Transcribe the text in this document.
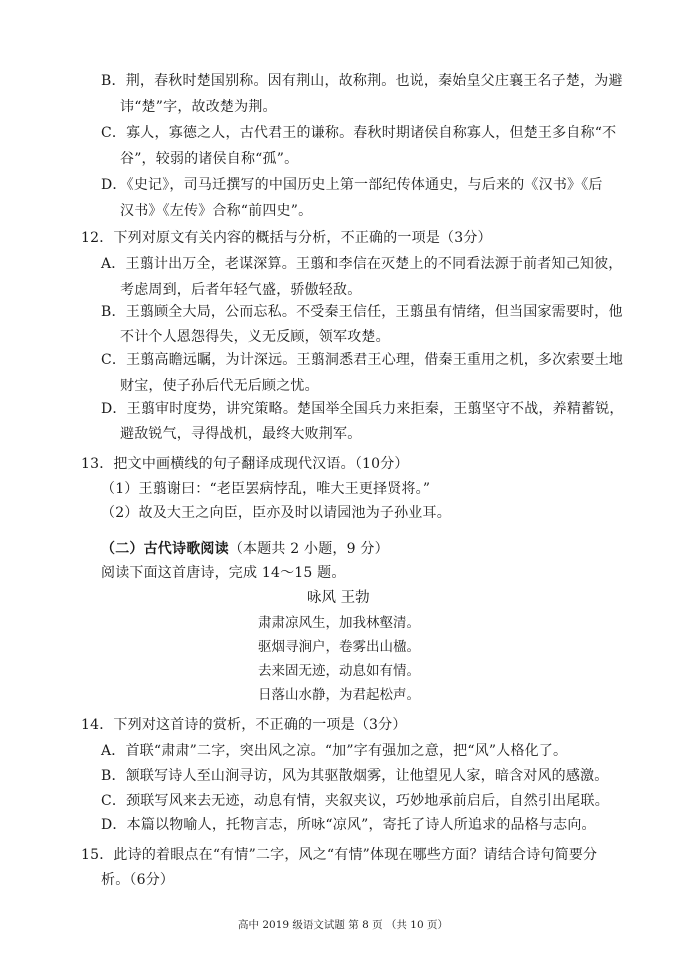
B．荆，春秋时楚国别称。因有荆山，故称荆。也说，秦始皇父庄襄王名子楚，为避
讳“楚”字，故改楚为荆。
C．寡人，寡德之人，古代君王的谦称。春秋时期诸侯自称寡人，但楚王多自称“不
谷”，较弱的诸侯自称“孤”。
D．《史记》，司马迁撰写的中国历史上第一部纪传体通史，与后来的《汉书》《后
汉书》《左传》合称“前四史”。
12．下列对原文有关内容的概括与分析，不正确的一项是（3分）
A．王翦计出万全，老谋深算。王翦和李信在灭楚上的不同看法源于前者知己知彼，
考虑周到，后者年轻气盛，骄傲轻敌。
B．王翦顾全大局，公而忘私。不受秦王信任，王翦虽有情绪，但当国家需要时，他
不计个人恩怨得失，义无反顾，领军攻楚。
C．王翦高瞻远瞩，为计深远。王翦洞悉君王心理，借秦王重用之机，多次索要土地
财宝，使子孙后代无后顾之忧。
D．王翦审时度势，讲究策略。楚国举全国兵力来拒秦，王翦坚守不战，养精蓄锐，
避敌锐气，寻得战机，最终大败荆军。
13．把文中画横线的句子翻译成现代汉语。（10分）
（1）王翦谢曰：“老臣罢病悖乱，唯大王更择贤将。”
（2）故及大王之向臣，臣亦及时以请园池为子孙业耳。
（二）古代诗歌阅读（本题共 2 小题，9 分）
阅读下面这首唐诗，完成 14～15 题。
咏风 王勃
肃肃凉风生，加我林壑清。
驱烟寻涧户，卷雾出山楹。
去来固无迹，动息如有情。
日落山水静，为君起松声。
14．下列对这首诗的赏析，不正确的一项是（3分）
A．首联“肃肃”二字，突出风之凉。“加”字有强加之意，把“风”人格化了。
B．颔联写诗人至山涧寻访，风为其驱散烟雾，让他望见人家，暗含对风的感激。
C．颈联写风来去无迹，动息有情，夹叙夹议，巧妙地承前启后，自然引出尾联。
D．本篇以物喻人，托物言志，所咏“凉风”，寄托了诗人所追求的品格与志向。
15．此诗的着眼点在“有情”二字，风之“有情”体现在哪些方面？请结合诗句简要分
析。（6分）
高中 2019 级语文试题 第 8 页 （共 10 页）
